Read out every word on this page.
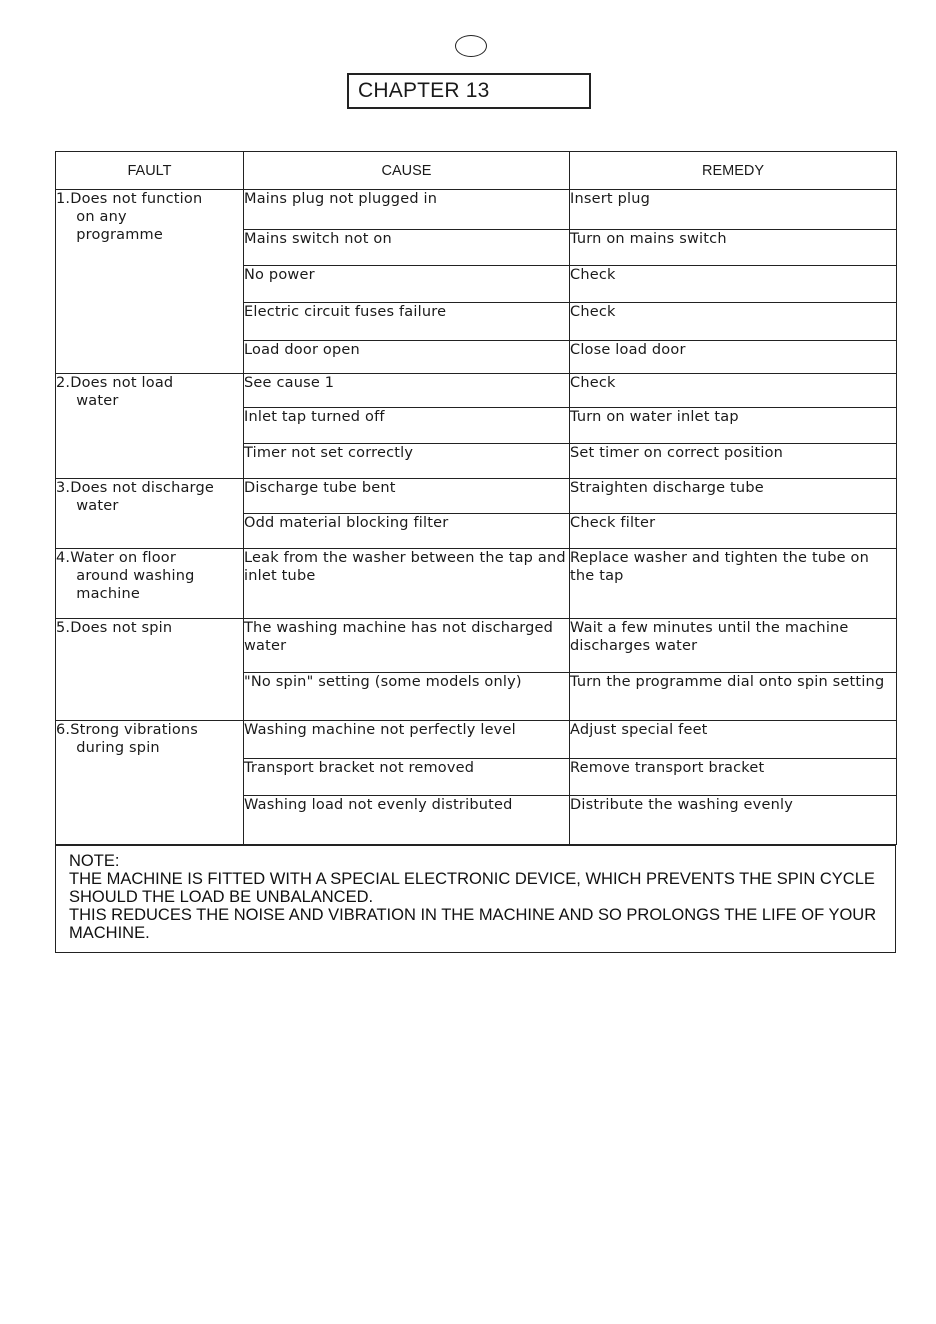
CHAPTER 13
FAULT	CAUSE	REMEDY

1. Does not function
on any
programme	Mains plug not plugged in	Insert plug
	Mains switch not on	Turn on mains switch
	No power	Check
	Electric circuit fuses failure	Check
	Load door open	Close load door

2. Does not load
water	See cause 1	Check
	Inlet tap turned off	Turn on water inlet tap
	Timer not set correctly	Set timer on correct position

3. Does not discharge
water	Discharge tube bent	Straighten discharge tube
	Odd material blocking filter	Check filter

4. Water on floor
around washing
machine	Leak from the washer between the tap and inlet tube	Replace washer and tighten the tube on the tap

5. Does not spin	The washing machine has not discharged water	Wait a few minutes until the machine discharges water
	"No spin" setting (some models only)	Turn the programme dial onto spin setting

6. Strong vibrations
during spin	Washing machine not perfectly level	Adjust special feet
	Transport bracket not removed	Remove transport bracket
	Washing load not evenly distributed	Distribute the washing evenly
NOTE:
THE MACHINE IS FITTED WITH A SPECIAL ELECTRONIC DEVICE, WHICH PREVENTS THE SPIN CYCLE
SHOULD THE LOAD BE UNBALANCED.
THIS REDUCES THE NOISE AND VIBRATION IN THE MACHINE AND SO PROLONGS THE LIFE OF YOUR
MACHINE.
